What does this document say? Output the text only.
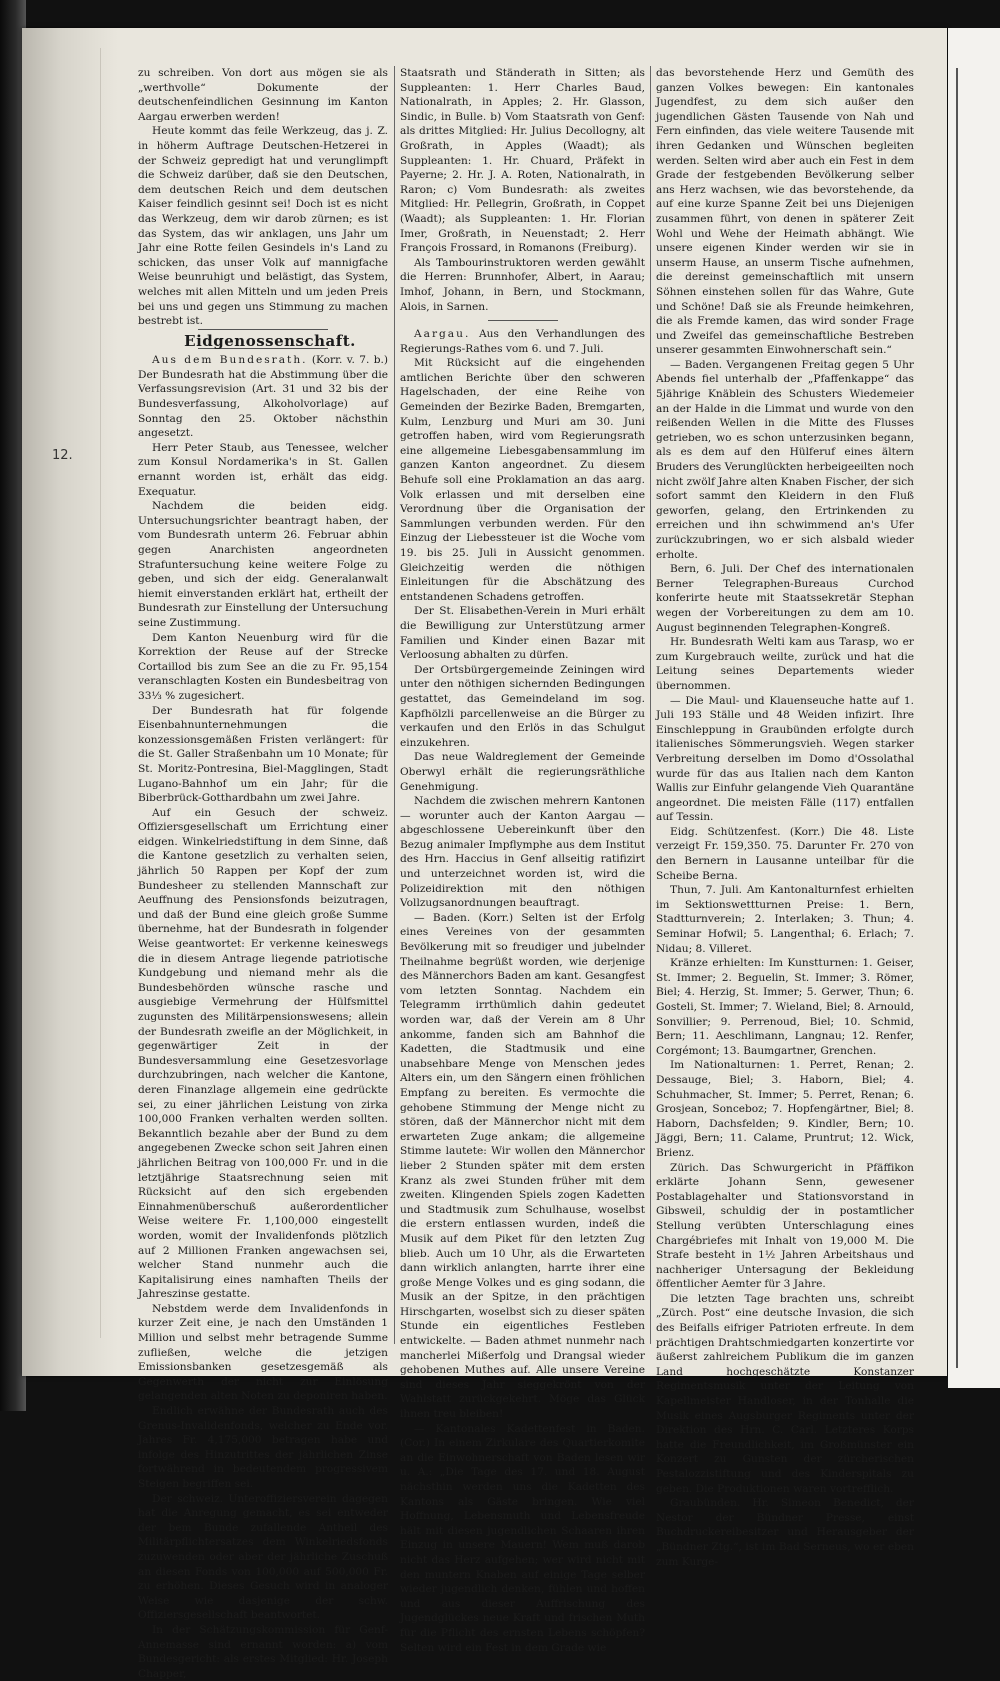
12.

zu schreiben. Von dort aus mögen sie als „werthvolle“ Dokumente der deutschenfeindlichen Gesinnung im Kanton Aargau erwerben werden!

Heute kommt das feile Werkzeug, das j. Z. in höherm Auftrage Deutschen-Hetzerei in der Schweiz gepredigt hat und verunglimpft die Schweiz darüber, daß sie den Deutschen, dem deutschen Reich und dem deutschen Kaiser feindlich gesinnt sei! Doch ist es nicht das Werkzeug, dem wir darob zürnen; es ist das System, das wir anklagen, uns Jahr um Jahr eine Rotte feilen Gesindels in's Land zu schicken, das unser Volk auf mannigfache Weise beunruhigt und belästigt, das System, welches mit allen Mitteln und um jeden Preis bei uns und gegen uns Stimmung zu machen bestrebt ist.

Eidgenossenschaft.

Aus dem Bundesrath. (Korr. v. 7. b.) Der Bundesrath hat die Abstimmung über die Verfassungsrevision (Art. 31 und 32 bis der Bundesverfassung, Alkoholvorlage) auf Sonntag den 25. Oktober nächsthin angesetzt.

Herr Peter Staub, aus Tenessee, welcher zum Konsul Nordamerika's in St. Gallen ernannt worden ist, erhält das eidg. Exequatur.

Nachdem die beiden eidg. Untersuchungsrichter beantragt haben, der vom Bundesrath unterm 26. Februar abhin gegen Anarchisten angeordneten Strafuntersuchung keine weitere Folge zu geben, und sich der eidg. Generalanwalt hiemit einverstanden erklärt hat, ertheilt der Bundesrath zur Einstellung der Untersuchung seine Zustimmung.

Dem Kanton Neuenburg wird für die Korrektion der Reuse auf der Strecke Cortaillod bis zum See an die zu Fr. 95,154 veranschlagten Kosten ein Bundesbeitrag von 33⅓ % zugesichert.

Der Bundesrath hat für folgende Eisenbahnunternehmungen die konzessionsgemäßen Fristen verlängert: für die St. Galler Straßenbahn um 10 Monate; für St. Moritz-Pontresina, Biel-Magglingen, Stadt Lugano-Bahnhof um ein Jahr; für die Biberbrück-Gotthardbahn um zwei Jahre.

Auf ein Gesuch der schweiz. Offiziersgesellschaft um Errichtung einer eidgen. Winkelriedstiftung in dem Sinne, daß die Kantone gesetzlich zu verhalten seien, jährlich 50 Rappen per Kopf der zum Bundesheer zu stellenden Mannschaft zur Aeuffnung des Pensionsfonds beizutragen, und daß der Bund eine gleich große Summe übernehme, hat der Bundesrath in folgender Weise geantwortet: Er verkenne keineswegs die in diesem Antrage liegende patriotische Kundgebung und niemand mehr als die Bundesbehörden wünsche rasche und ausgiebige Vermehrung der Hülfsmittel zugunsten des Militärpensionswesens; allein der Bundesrath zweifle an der Möglichkeit, in gegenwärtiger Zeit in der Bundesversammlung eine Gesetzesvorlage durchzubringen, nach welcher die Kantone, deren Finanzlage allgemein eine gedrückte sei, zu einer jährlichen Leistung von zirka 100,000 Franken verhalten werden sollten. Bekanntlich bezahle aber der Bund zu dem angegebenen Zwecke schon seit Jahren einen jährlichen Beitrag von 100,000 Fr. und in die letztjährige Staatsrechnung seien mit Rücksicht auf den sich ergebenden Einnahmenüberschuß außerordentlicher Weise weitere Fr. 1,100,000 eingestellt worden, womit der Invalidenfonds plötzlich auf 2 Millionen Franken angewachsen sei, welcher Stand nunmehr auch die Kapitalisirung eines namhaften Theils der Jahreszinse gestatte.

Nebstdem werde dem Invalidenfonds in kurzer Zeit eine, je nach den Umständen 1 Million und selbst mehr betragende Summe zufließen, welche die jetzigen Emissionsbanken gesetzesgemäß als Gegenwerth der nicht zur Einlösung gelangenden alten Noten zu deponiren haben.

Endlich erwähne der Bundesrath auch des Grenus-Invalidenfonds, welcher zu Ende vor. Jahres Fr. 4,175,000 betragen habe und infolge des Hinzutrittes der jährlichen Zinse fortwährend in bedeutendem progressivem Steigen begriffen sei.

Der schweiz. Unteroffiziersverein dagegen hat die Anregung gemacht, es sei entweder der bem Bunde zufallende Antheil des Militärpflichtersatzes dem Winkelriedsfonds zuzuwenden oder aber der jährliche Zuschuß an diesen Fonds von 100,000 auf 500,000 Fr. zu erhöhen. Dieses Gesuch wird in analoger Weise wie dasjenige der schw. Offiziersgesellschaft beantwortet.

In der Schätzungskommission für Genf-Annemasse sind ernannt worden: a) vom Bundesgericht: als erstes Mitglied: Hr. Joseph Chapper,

Staatsrath und Ständerath in Sitten; als Suppleanten: 1. Herr Charles Baud, Nationalrath, in Apples; 2. Hr. Glasson, Sindic, in Bulle. b) Vom Staatsrath von Genf: als drittes Mitglied: Hr. Julius Decollogny, alt Großrath, in Apples (Waadt); als Suppleanten: 1. Hr. Chuard, Präfekt in Payerne; 2. Hr. J. A. Roten, Nationalrath, in Raron; c) Vom Bundesrath: als zweites Mitglied: Hr. Pellegrin, Großrath, in Coppet (Waadt); als Suppleanten: 1. Hr. Florian Imer, Großrath, in Neuenstadt; 2. Herr François Frossard, in Romanons (Freiburg).

Als Tambourinstruktoren werden gewählt die Herren: Brunnhofer, Albert, in Aarau; Imhof, Johann, in Bern, und Stockmann, Alois, in Sarnen.

Aargau. Aus den Verhandlungen des Regierungs-Rathes vom 6. und 7. Juli.

Mit Rücksicht auf die eingehenden amtlichen Berichte über den schweren Hagelschaden, der eine Reihe von Gemeinden der Bezirke Baden, Bremgarten, Kulm, Lenzburg und Muri am 30. Juni getroffen haben, wird vom Regierungsrath eine allgemeine Liebesgabensammlung im ganzen Kanton angeordnet. Zu diesem Behufe soll eine Proklamation an das aarg. Volk erlassen und mit derselben eine Verordnung über die Organisation der Sammlungen verbunden werden. Für den Einzug der Liebessteuer ist die Woche vom 19. bis 25. Juli in Aussicht genommen. Gleichzeitig werden die nöthigen Einleitungen für die Abschätzung des entstandenen Schadens getroffen.

Der St. Elisabethen-Verein in Muri erhält die Bewilligung zur Unterstützung armer Familien und Kinder einen Bazar mit Verloosung abhalten zu dürfen.

Der Ortsbürgergemeinde Zeiningen wird unter den nöthigen sichernden Bedingungen gestattet, das Gemeindeland im sog. Kapfhölzli parcellenweise an die Bürger zu verkaufen und den Erlös in das Schulgut einzukehren.

Das neue Waldreglement der Gemeinde Oberwyl erhält die regierungsräthliche Genehmigung.

Nachdem die zwischen mehrern Kantonen — worunter auch der Kanton Aargau — abgeschlossene Uebereinkunft über den Bezug animaler Impflymphe aus dem Institut des Hrn. Haccius in Genf allseitig ratifizirt und unterzeichnet worden ist, wird die Polizeidirektion mit den nöthigen Vollzugsanordnungen beauftragt.

— Baden. (Korr.) Selten ist der Erfolg eines Vereines von der gesammten Bevölkerung mit so freudiger und jubelnder Theilnahme begrüßt worden, wie derjenige des Männerchors Baden am kant. Gesangfest vom letzten Sonntag. Nachdem ein Telegramm irrthümlich dahin gedeutet worden war, daß der Verein am 8 Uhr ankomme, fanden sich am Bahnhof die Kadetten, die Stadtmusik und eine unabsehbare Menge von Menschen jedes Alters ein, um den Sängern einen fröhlichen Empfang zu bereiten. Es vermochte die gehobene Stimmung der Menge nicht zu stören, daß der Männerchor nicht mit dem erwarteten Zuge ankam; die allgemeine Stimme lautete: Wir wollen den Männerchor lieber 2 Stunden später mit dem ersten Kranz als zwei Stunden früher mit dem zweiten. Klingenden Spiels zogen Kadetten und Stadtmusik zum Schulhause, woselbst die erstern entlassen wurden, indeß die Musik auf dem Piket für den letzten Zug blieb. Auch um 10 Uhr, als die Erwarteten dann wirklich anlangten, harrte ihrer eine große Menge Volkes und es ging sodann, die Musik an der Spitze, in den prächtigen Hirschgarten, woselbst sich zu dieser späten Stunde ein eigentliches Festleben entwickelte. — Baden athmet nunmehr nach mancherlei Mißerfolg und Drangsal wieder gehobenen Muthes auf. Alle unsere Vereine sind dieses Jahr sieggekrönt von der Wahlstatt zurückgekehrt. Möge das Glück ihnen treu bleiben!

— Kantonales Kadettenfest in Baden. (Cor.) In einem Zirkulare des Quartierkomite an die Einwohnerschaft von Baden lesen wir u. A.: „Die Tage des 17. und 18. August nächsthin werden uns die Kadetten des Kantons als Gäste bringen. Wie viel Hoffnung, Lebensmuth und Lebensfreude hält mit diesen jugendlichen Schaaren ihren Einzug in unsere Mauern! Wem muß darob nicht das Herz aufgehen; wer wird nicht mit den muntern Knaben auf einige Tage selber wieder jugendlich denken, fühlen und hoffen und aus dieser Auffrischung des Jugendglückes neue Kraft und frischen Muth für die Pflicht des ernsten Lebens schöpfen? Selten wird ein Fest in dem Grade wie

das bevorstehende Herz und Gemüth des ganzen Volkes bewegen: Ein kantonales Jugendfest, zu dem sich außer den jugendlichen Gästen Tausende von Nah und Fern einfinden, das viele weitere Tausende mit ihren Gedanken und Wünschen begleiten werden. Selten wird aber auch ein Fest in dem Grade der festgebenden Bevölkerung selber ans Herz wachsen, wie das bevorstehende, da auf eine kurze Spanne Zeit bei uns Diejenigen zusammen führt, von denen in späterer Zeit Wohl und Wehe der Heimath abhängt. Wie unsere eigenen Kinder werden wir sie in unserm Hause, an unserm Tische aufnehmen, die dereinst gemeinschaftlich mit unsern Söhnen einstehen sollen für das Wahre, Gute und Schöne! Daß sie als Freunde heimkehren, die als Fremde kamen, das wird sonder Frage und Zweifel das gemeinschaftliche Bestreben unserer gesammten Einwohnerschaft sein.“

— Baden. Vergangenen Freitag gegen 5 Uhr Abends fiel unterhalb der „Pfaffenkappe“ das 5jährige Knäblein des Schusters Wiedemeier an der Halde in die Limmat und wurde von den reißenden Wellen in die Mitte des Flusses getrieben, wo es schon unterzusinken begann, als es dem auf den Hülferuf eines ältern Bruders des Verunglückten herbeigeeilten noch nicht zwölf Jahre alten Knaben Fischer, der sich sofort sammt den Kleidern in den Fluß geworfen, gelang, den Ertrinkenden zu erreichen und ihn schwimmend an's Ufer zurückzubringen, wo er sich alsbald wieder erholte.

Bern, 6. Juli. Der Chef des internationalen Berner Telegraphen-Bureaus Curchod konferirte heute mit Staatssekretär Stephan wegen der Vorbereitungen zu dem am 10. August beginnenden Telegraphen-Kongreß.

Hr. Bundesrath Welti kam aus Tarasp, wo er zum Kurgebrauch weilte, zurück und hat die Leitung seines Departements wieder übernommen.

— Die Maul- und Klauenseuche hatte auf 1. Juli 193 Ställe und 48 Weiden infizirt. Ihre Einschleppung in Graubünden erfolgte durch italienisches Sömmerungsvieh. Wegen starker Verbreitung derselben im Domo d'Ossolathal wurde für das aus Italien nach dem Kanton Wallis zur Einfuhr gelangende Vieh Quarantäne angeordnet. Die meisten Fälle (117) entfallen auf Tessin.

Eidg. Schützenfest. (Korr.) Die 48. Liste verzeigt Fr. 159,350. 75. Darunter Fr. 270 von den Bernern in Lausanne unteilbar für die Scheibe Berna.

Thun, 7. Juli. Am Kantonalturnfest erhielten im Sektionswettturnen Preise: 1. Bern, Stadtturnverein; 2. Interlaken; 3. Thun; 4. Seminar Hofwil; 5. Langenthal; 6. Erlach; 7. Nidau; 8. Villeret.

Kränze erhielten: Im Kunstturnen: 1. Geiser, St. Immer; 2. Beguelin, St. Immer; 3. Römer, Biel; 4. Herzig, St. Immer; 5. Gerwer, Thun; 6. Gosteli, St. Immer; 7. Wieland, Biel; 8. Arnould, Sonvillier; 9. Perrenoud, Biel; 10. Schmid, Bern; 11. Aeschlimann, Langnau; 12. Renfer, Corgémont; 13. Baumgartner, Grenchen.

Im Nationalturnen: 1. Perret, Renan; 2. Dessauge, Biel; 3. Haborn, Biel; 4. Schuhmacher, St. Immer; 5. Perret, Renan; 6. Grosjean, Sonceboz; 7. Hopfengärtner, Biel; 8. Haborn, Dachsfelden; 9. Kindler, Bern; 10. Jäggi, Bern; 11. Calame, Pruntrut; 12. Wick, Brienz.

Zürich. Das Schwurgericht in Pfäffikon erklärte Johann Senn, gewesener Postablagehalter und Stationsvorstand in Gibsweil, schuldig der in postamtlicher Stellung verübten Unterschlagung eines Chargébriefes mit Inhalt von 19,000 M. Die Strafe besteht in 1½ Jahren Arbeitshaus und nachheriger Untersagung der Bekleidung öffentlicher Aemter für 3 Jahre.

Die letzten Tage brachten uns, schreibt „Zürch. Post“ eine deutsche Invasion, die sich des Beifalls eifriger Patrioten erfreute. In dem prächtigen Drahtschmiedgarten konzertirte vor äußerst zahlreichem Publikum die im ganzen Land hochgeschätzte Konstanzer Regimentsmusik unter der Leitung von Kapellmeister Handloser, in der Tonhalle die Musik eines Augsburger Regiments unter der Direktion des Hrn. C. Carl. Letzteres Korps hatte die Freundlichkeit, im Großmünster ein Konzert zu Gunsten der zürcherischen Pestalozzistiftung und des Kinderspitals zu geben. Die Produktionen waren vortrefflich.

Graubünden. Hr. Simeon Benedict, der Nestor der Bündner Presse, einst Buchdruckereibesitzer und Herausgeber der „Bündner Ztg.“, ist im Bad Serneus, wo er eben zum Kurge-
